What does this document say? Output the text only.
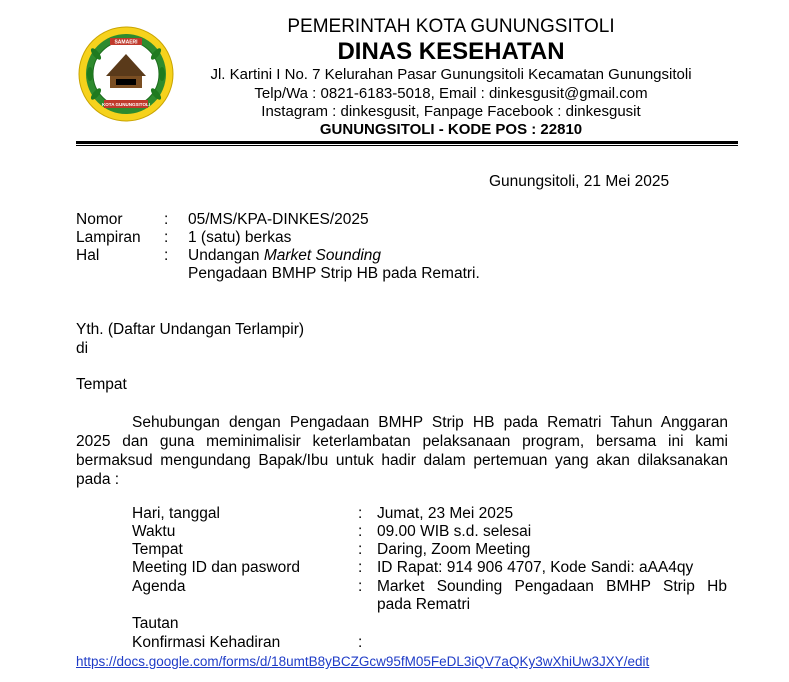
SAMAERI
KOTA GUNUNGSITOLI
PEMERINTAH KOTA GUNUNGSITOLI
DINAS KESEHATAN
Jl. Kartini I No. 7 Kelurahan Pasar Gunungsitoli Kecamatan Gunungsitoli
Telp/Wa : 0821-6183-5018, Email : dinkesgusit@gmail.com
Instagram : dinkesgusit, Fanpage Facebook : dinkesgusit
GUNUNGSITOLI - KODE POS : 22810
Gunungsitoli, 21 Mei 2025
Nomor	: 05/MS/KPA-DINKES/2025
Lampiran : 1 (satu) berkas
Hal	: Undangan Market Sounding
Pengadaan BMHP Strip HB pada Rematri.
Yth. (Daftar Undangan Terlampir)
di
Tempat
Sehubungan dengan Pengadaan BMHP Strip HB pada Rematri Tahun Anggaran
2025 dan guna meminimalisir keterlambatan pelaksanaan program, bersama ini kami
bermaksud mengundang Bapak/Ibu untuk hadir dalam pertemuan yang akan dilaksanakan
pada :
Hari, tanggal	: Jumat, 23 Mei 2025
Waktu	: 09.00 WIB s.d. selesai
Tempat	: Daring, Zoom Meeting
Meeting ID dan pasword	: ID Rapat: 914 906 4707, Kode Sandi: aAA4qy
Agenda	: Market Sounding Pengadaan BMHP Strip Hb
pada Rematri
Tautan
Konfirmasi Kehadiran	:
https://docs.google.com/forms/d/18umtB8yBCZGcw95fM05FeDL3iQV7aQKy3wXhiUw3JXY/edit
